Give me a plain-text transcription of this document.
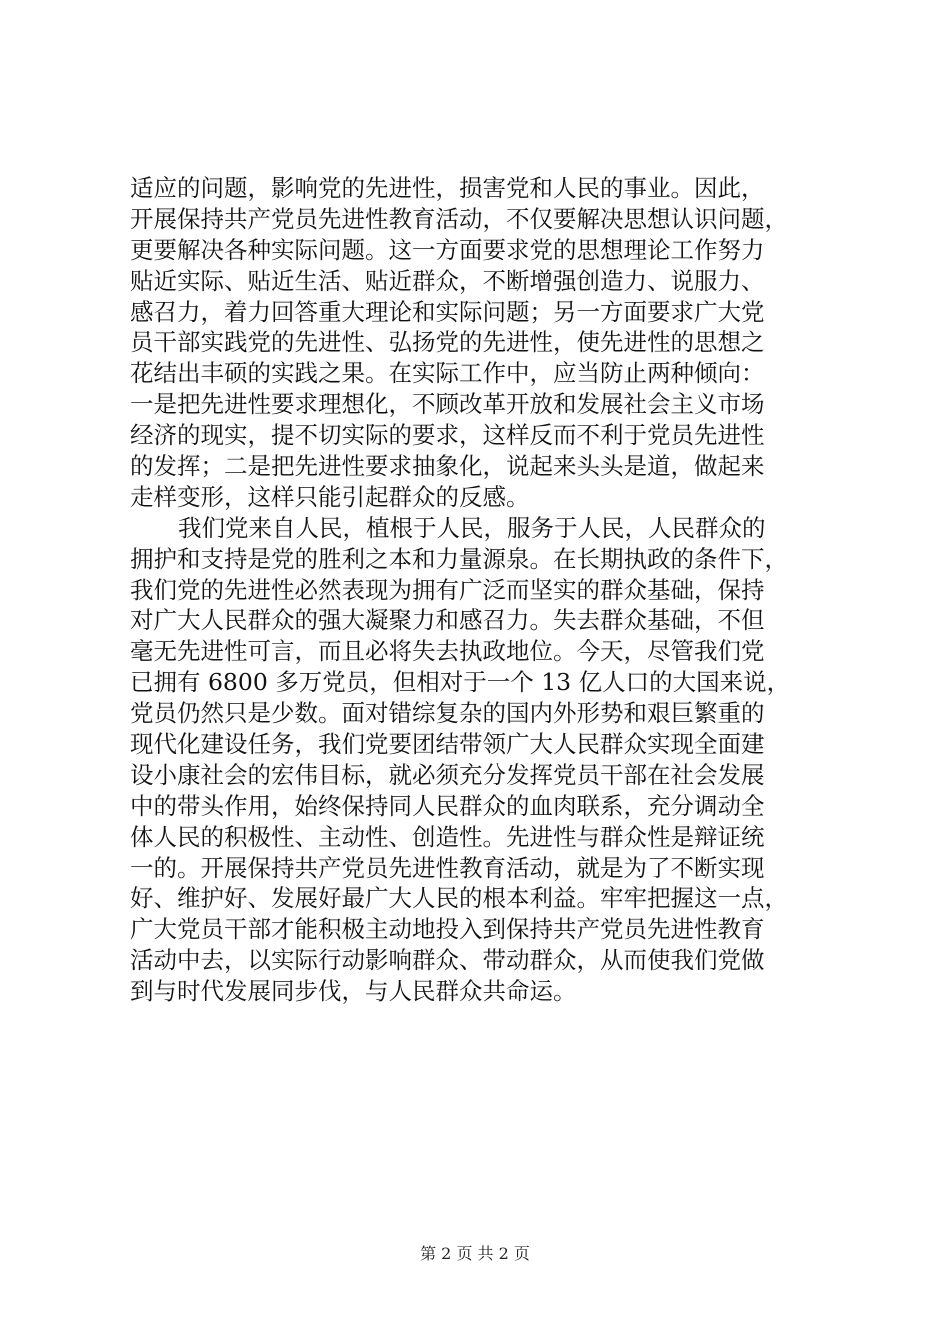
适应的问题，影响党的先进性，损害党和人民的事业。因此，
开展保持共产党员先进性教育活动，不仅要解决思想认识问题，
更要解决各种实际问题。这一方面要求党的思想理论工作努力
贴近实际、贴近生活、贴近群众，不断增强创造力、说服力、
感召力，着力回答重大理论和实际问题；另一方面要求广大党
员干部实践党的先进性、弘扬党的先进性，使先进性的思想之
花结出丰硕的实践之果。在实际工作中，应当防止两种倾向：
一是把先进性要求理想化，不顾改革开放和发展社会主义市场
经济的现实，提不切实际的要求，这样反而不利于党员先进性
的发挥；二是把先进性要求抽象化，说起来头头是道，做起来
走样变形，这样只能引起群众的反感。
我们党来自人民，植根于人民，服务于人民，人民群众的
拥护和支持是党的胜利之本和力量源泉。在长期执政的条件下，
我们党的先进性必然表现为拥有广泛而坚实的群众基础，保持
对广大人民群众的强大凝聚力和感召力。失去群众基础，不但
毫无先进性可言，而且必将失去执政地位。今天，尽管我们党
已拥有 6800 多万党员，但相对于一个 13 亿人口的大国来说，
党员仍然只是少数。面对错综复杂的国内外形势和艰巨繁重的
现代化建设任务，我们党要团结带领广大人民群众实现全面建
设小康社会的宏伟目标，就必须充分发挥党员干部在社会发展
中的带头作用，始终保持同人民群众的血肉联系，充分调动全
体人民的积极性、主动性、创造性。先进性与群众性是辩证统
一的。开展保持共产党员先进性教育活动，就是为了不断实现
好、维护好、发展好最广大人民的根本利益。牢牢把握这一点，
广大党员干部才能积极主动地投入到保持共产党员先进性教育
活动中去，以实际行动影响群众、带动群众，从而使我们党做
到与时代发展同步伐，与人民群众共命运。
第 2 页 共 2 页
